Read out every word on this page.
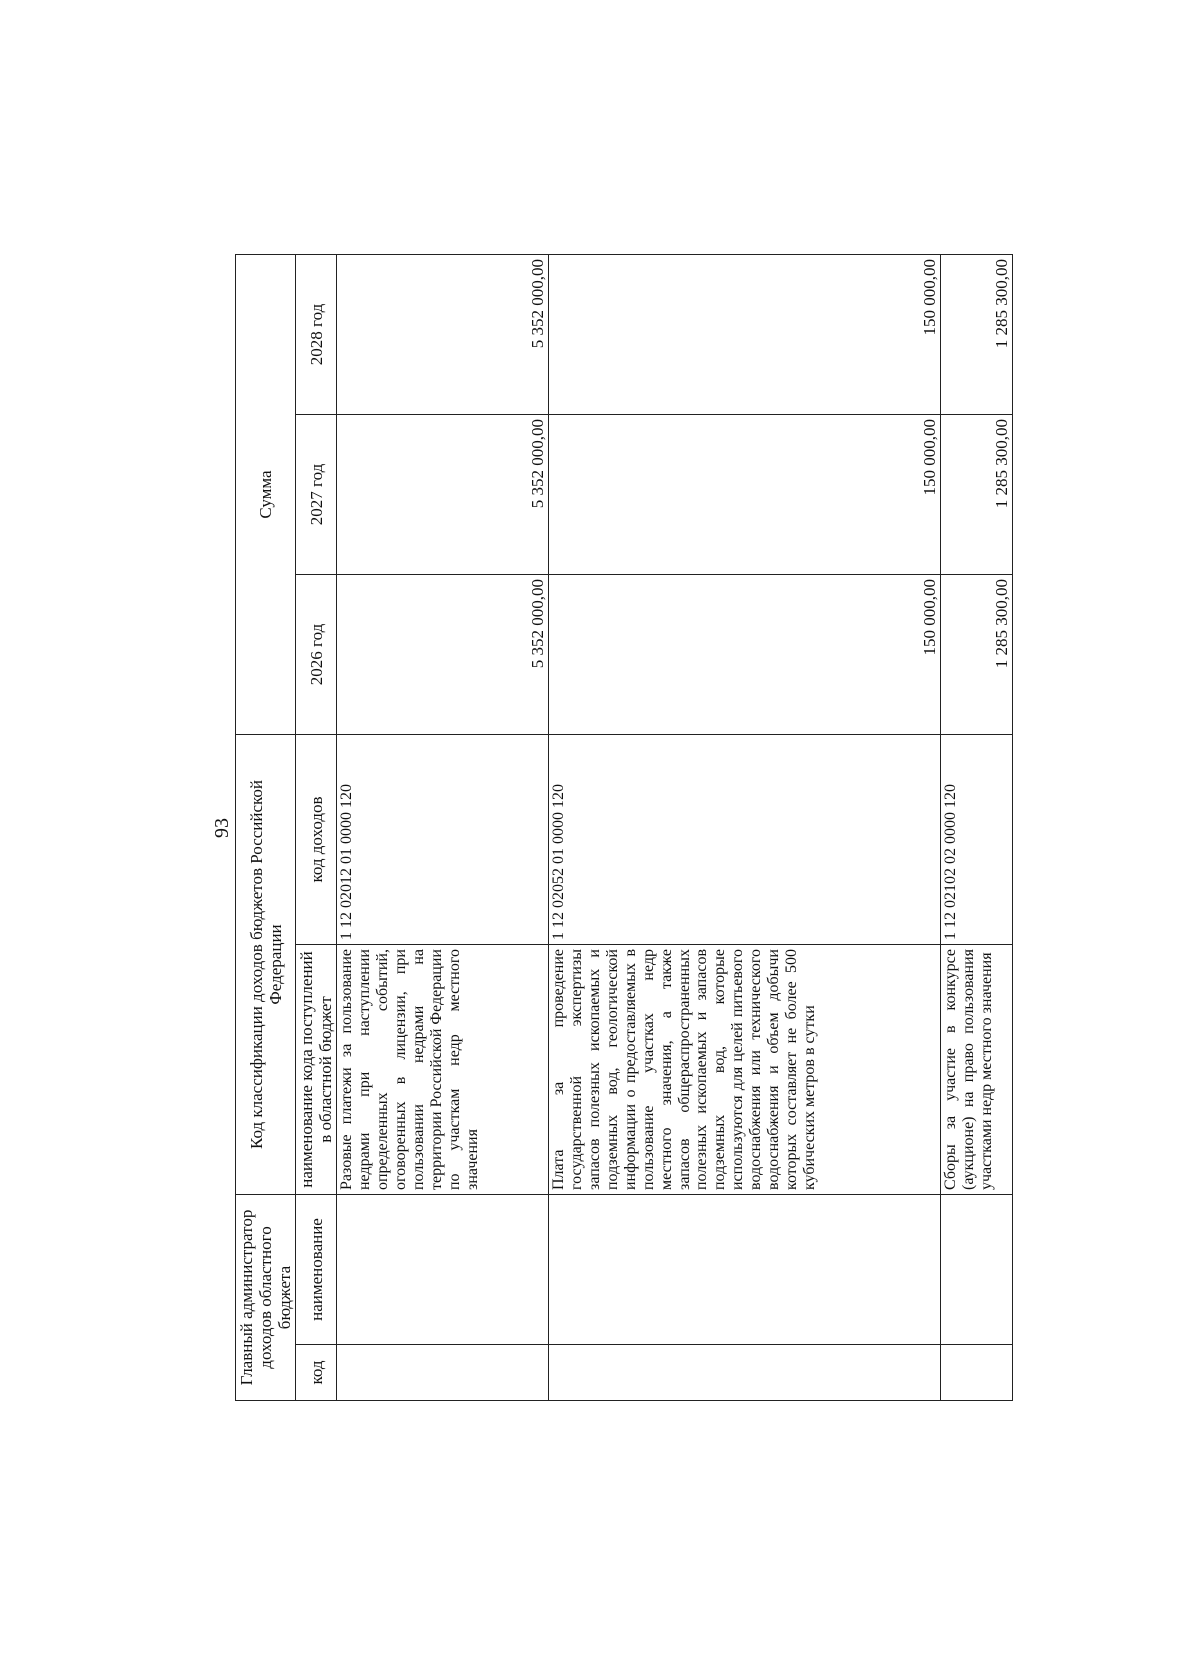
93
Главный администратор доходов областного бюджета		Код классификации доходов бюджетов Российской Федерации		Сумма		
код	наименование	наименование кода поступлений в областной бюджет	код доходов	2026 год	2027 год	2028 год
		Разовые платежи за пользование недрами при наступлении определенных событий, оговоренных в лицензии, при пользовании недрами на территории Российской Федерации по участкам недр местного значения	1 12 02012 01 0000 120	5 352 000,00	5 352 000,00	5 352 000,00
		Плата за проведение государственной экспертизы запасов полезных ископаемых и подземных вод, геологической информации о предоставляемых в пользование участках недр местного значения, а также запасов общераспространенных полезных ископаемых и запасов подземных вод, которые используются для целей питьевого водоснабжения или технического водоснабжения и объем добычи которых составляет не более 500 кубических метров в сутки	1 12 02052 01 0000 120	150 000,00	150 000,00	150 000,00
		Сборы за участие в конкурсе (аукционе) на право пользования участками недр местного значения	1 12 02102 02 0000 120	1 285 300,00	1 285 300,00	1 285 300,00
